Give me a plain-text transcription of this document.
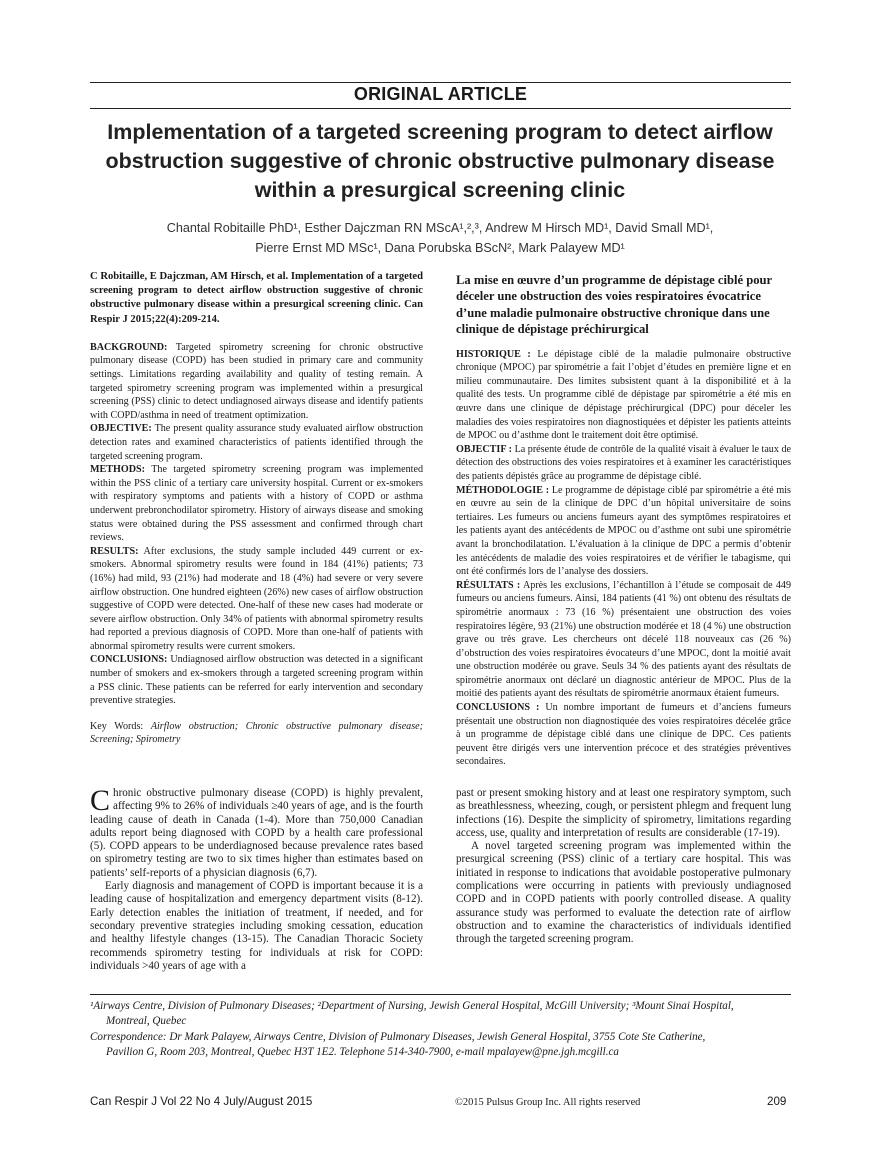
ORIGINAL ARTICLE
Implementation of a targeted screening program to detect airflow obstruction suggestive of chronic obstructive pulmonary disease within a presurgical screening clinic
Chantal Robitaille PhD¹, Esther Dajczman RN MScA¹,²,³, Andrew M Hirsch MD¹, David Small MD¹,
Pierre Ernst MD MSc¹, Dana Porubska BScN², Mark Palayew MD¹

C Robitaille, E Dajczman, AM Hirsch, et al. Implementation of a targeted screening program to detect airflow obstruction suggestive of chronic obstructive pulmonary disease within a presurgical screening clinic. Can Respir J 2015;22(4):209-214.

BACKGROUND: Targeted spirometry screening for chronic obstructive pulmonary disease (COPD) has been studied in primary care and community settings. Limitations regarding availability and quality of testing remain. A targeted spirometry screening program was implemented within a presurgical screening (PSS) clinic to detect undiagnosed airways disease and identify patients with COPD/asthma in need of treatment optimization.

OBJECTIVE: The present quality assurance study evaluated airflow obstruction detection rates and examined characteristics of patients identified through the targeted screening program.

METHODS: The targeted spirometry screening program was implemented within the PSS clinic of a tertiary care university hospital. Current or ex-smokers with respiratory symptoms and patients with a history of COPD or asthma underwent prebronchodilator spirometry. History of airways disease and smoking status were obtained during the PSS assessment and confirmed through chart reviews.

RESULTS: After exclusions, the study sample included 449 current or ex-smokers. Abnormal spirometry results were found in 184 (41%) patients; 73 (16%) had mild, 93 (21%) had moderate and 18 (4%) had severe or very severe airflow obstruction. One hundred eighteen (26%) new cases of airflow obstruction suggestive of COPD were detected. One-half of these new cases had moderate or severe airflow obstruction. Only 34% of patients with abnormal spirometry results had reported a previous diagnosis of COPD. More than one-half of patients with abnormal spirometry results were current smokers.

CONCLUSIONS: Undiagnosed airflow obstruction was detected in a significant number of smokers and ex-smokers through a targeted screening program within a PSS clinic. These patients can be referred for early intervention and secondary preventive strategies.

Key Words: Airflow obstruction; Chronic obstructive pulmonary disease; Screening; Spirometry

La mise en œuvre d’un programme de dépistage ciblé pour déceler une obstruction des voies respiratoires évocatrice d’une maladie pulmonaire obstructive chronique dans une clinique de dépistage préchirurgical

HISTORIQUE : Le dépistage ciblé de la maladie pulmonaire obstructive chronique (MPOC) par spirométrie a fait l’objet d’études en première ligne et en milieu communautaire. Des limites subsistent quant à la disponibilité et à la qualité des tests. Un programme ciblé de dépistage par spirométrie a été mis en œuvre dans une clinique de dépistage préchirurgical (DPC) pour déceler les maladies des voies respiratoires non diagnostiquées et dépister les patients atteints de MPOC ou d’asthme dont le traitement doit être optimisé.

OBJECTIF : La présente étude de contrôle de la qualité visait à évaluer le taux de détection des obstructions des voies respiratoires et à examiner les caractéristiques des patients dépistés grâce au programme de dépistage ciblé.

MÉTHODOLOGIE : Le programme de dépistage ciblé par spirométrie a été mis en œuvre au sein de la clinique de DPC d’un hôpital universitaire de soins tertiaires. Les fumeurs ou anciens fumeurs ayant des symptômes respiratoires et les patients ayant des antécédents de MPOC ou d’asthme ont subi une spirométrie avant la bronchodilatation. L’évaluation à la clinique de DPC a permis d’obtenir les antécédents de maladie des voies respiratoires et de vérifier le tabagisme, qui ont été confirmés lors de l’analyse des dossiers.

RÉSULTATS : Après les exclusions, l’échantillon à l’étude se composait de 449 fumeurs ou anciens fumeurs. Ainsi, 184 patients (41 %) ont obtenu des résultats de spirométrie anormaux : 73 (16 %) présentaient une obstruction des voies respiratoires légère, 93 (21%) une obstruction modérée et 18 (4 %) une obstruction grave ou très grave. Les chercheurs ont décelé 118 nouveaux cas (26 %) d’obstruction des voies respiratoires évocateurs d’une MPOC, dont la moitié avait une obstruction modérée ou grave. Seuls 34 % des patients ayant des résultats de spirométrie anormaux ont déclaré un diagnostic antérieur de MPOC. Plus de la moitié des patients ayant des résultats de spirométrie anormaux étaient fumeurs.

CONCLUSIONS : Un nombre important de fumeurs et d’anciens fumeurs présentait une obstruction non diagnostiquée des voies respiratoires décelée grâce à un programme de dépistage ciblé dans une clinique de DPC. Ces patients peuvent être dirigés vers une intervention précoce et des stratégies préventives secondaires.

Chronic obstructive pulmonary disease (COPD) is highly prevalent, affecting 9% to 26% of individuals ≥40 years of age, and is the fourth leading cause of death in Canada (1-4). More than 750,000 Canadian adults report being diagnosed with COPD by a health care professional (5). COPD appears to be underdiagnosed because prevalence rates based on spirometry testing are two to six times higher than estimates based on patients’ self-reports of a physician diagnosis (6,7).

Early diagnosis and management of COPD is important because it is a leading cause of hospitalization and emergency department visits (8-12). Early detection enables the initiation of treatment, if needed, and for secondary preventive strategies including smoking cessation, education and healthy lifestyle changes (13-15). The Canadian Thoracic Society recommends spirometry testing for individuals at risk for COPD: individuals >40 years of age with a

past or present smoking history and at least one respiratory symptom, such as breathlessness, wheezing, cough, or persistent phlegm and frequent lung infections (16). Despite the simplicity of spirometry, limitations regarding access, use, quality and interpretation of results are considerable (17-19).

A novel targeted screening program was implemented within the presurgical screening (PSS) clinic of a tertiary care hospital. This was initiated in response to indications that avoidable postoperative pulmonary complications were occurring in patients with previously undiagnosed COPD and in COPD patients with poorly controlled disease. A quality assurance study was performed to evaluate the detection rate of airflow obstruction and to examine the characteristics of individuals identified through the targeted screening program.

¹Airways Centre, Division of Pulmonary Diseases; ²Department of Nursing, Jewish General Hospital, McGill University; ³Mount Sinai Hospital,
Montreal, Quebec
Correspondence: Dr Mark Palayew, Airways Centre, Division of Pulmonary Diseases, Jewish General Hospital, 3755 Cote Ste Catherine,
Pavilion G, Room 203, Montreal, Quebec H3T 1E2. Telephone 514-340-7900, e-mail mpalayew@pne.jgh.mcgill.ca
Can Respir J Vol 22 No 4 July/August 2015	©2015 Pulsus Group Inc. All rights reserved	209
